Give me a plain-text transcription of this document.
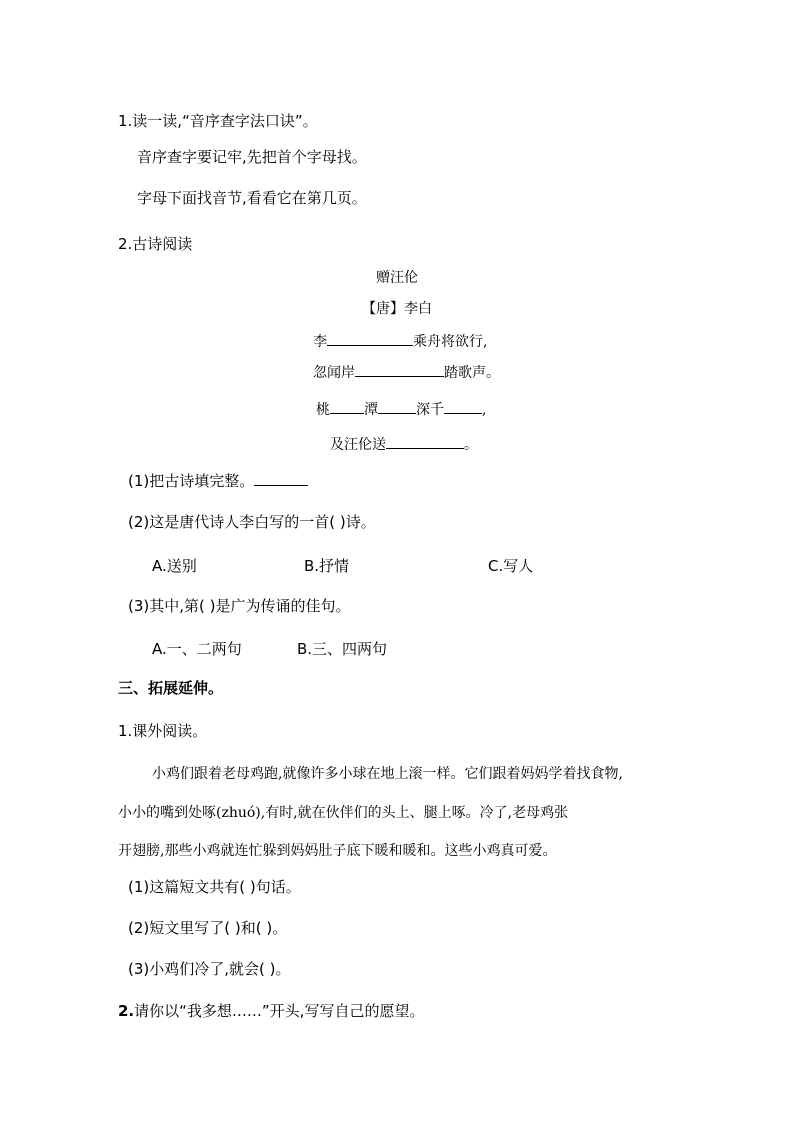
1.读一读,“音序查字法口诀”。
音序查字要记牢,先把首个字母找。
字母下面找音节,看看它在第几页。
2.古诗阅读
赠汪伦
【唐】李白
李	乘舟将欲行,
忽闻岸	踏歌声。
桃 潭	深千	,
及汪伦送	。
(1)把古诗填完整。
(2)这是唐代诗人李白写的一首( )诗。
A.送别	B.抒情	C.写人
(3)其中,第( )是广为传诵的佳句。
A.一、二两句	B.三、四两句
三、拓展延伸。
1.课外阅读。
小鸡们跟着老母鸡跑,就像许多小球在地上滚一样。它们跟着妈妈学着找食物,
小小的嘴到处啄(zhuó),有时,就在伙伴们的头上、腿上啄。冷了,老母鸡张
开翅膀,那些小鸡就连忙躲到妈妈肚子底下暖和暖和。这些小鸡真可爱。
(1)这篇短文共有( )句话。
(2)短文里写了( )和( )。
(3)小鸡们冷了,就会( )。
2.请你以“我多想……”开头,写写自己的愿望。
